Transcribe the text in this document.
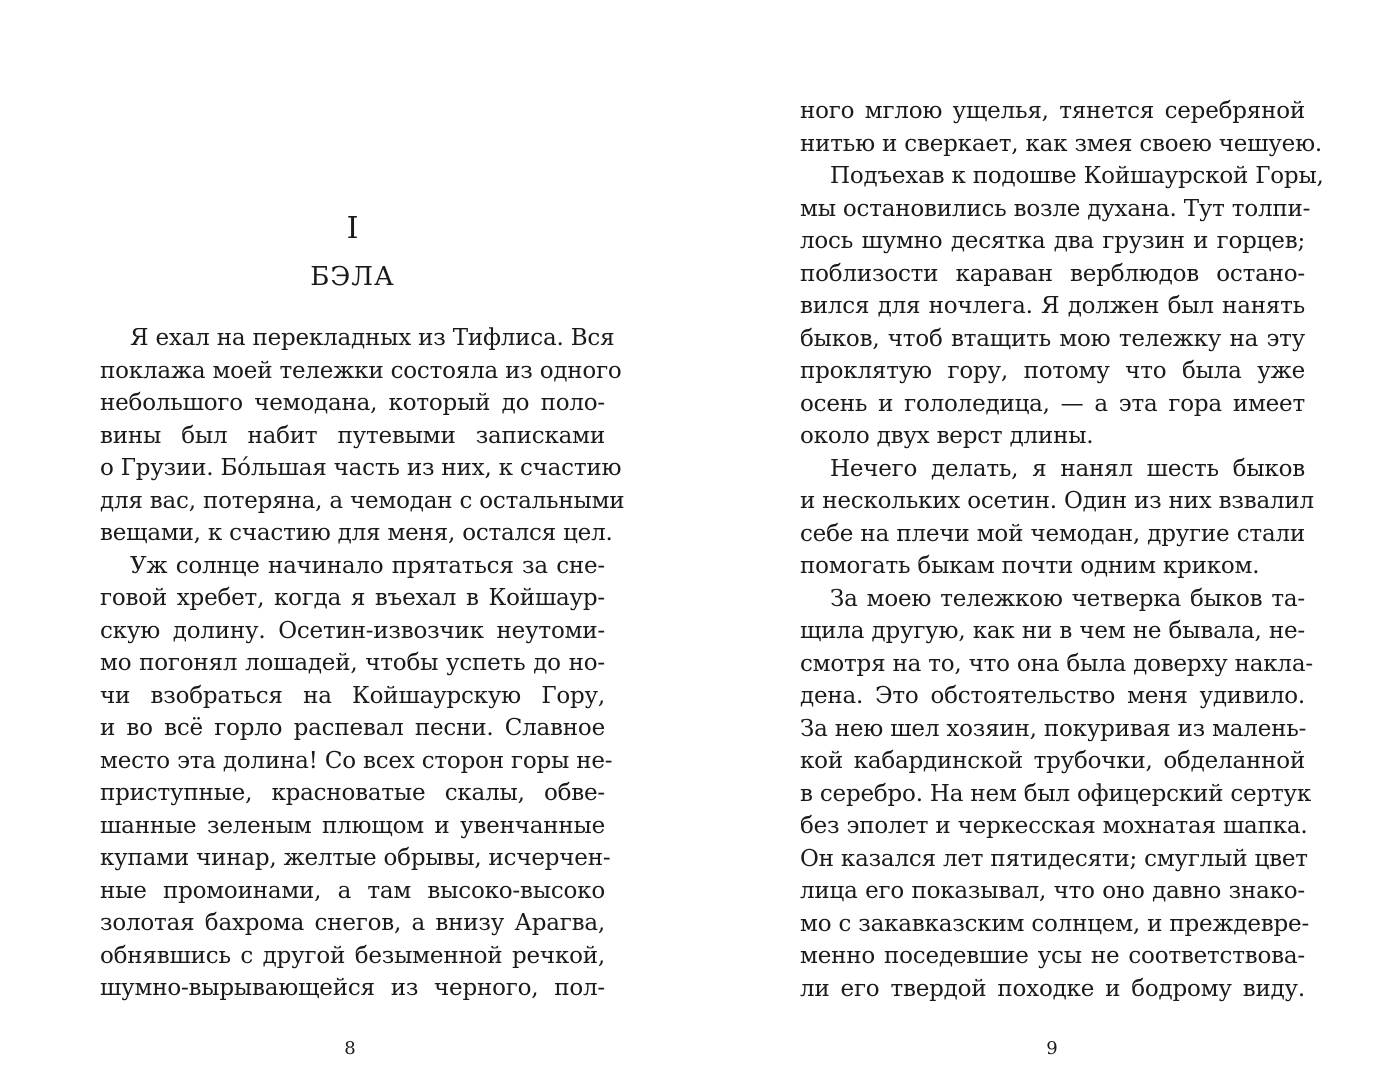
I
БЭЛА
Я ехал на перекладных из Тифлиса. Вся
поклажа моей тележки состояла из одного
небольшого чемодана, который до поло-
вины был набит путевыми записками
о Грузии. Бо́льшая часть из них, к счастию
для вас, потеряна, а чемодан с остальными
вещами, к счастию для меня, остался цел.
Уж солнце начинало прятаться за сне-
говой хребет, когда я въехал в Койшаур-
скую долину. Осетин-извозчик неутоми-
мо погонял лошадей, чтобы успеть до но-
чи взобраться на Койшаурскую Гору,
и во всё горло распевал песни. Славное
место эта долина! Со всех сторон горы не-
приступные, красноватые скалы, обве-
шанные зеленым плющом и увенчанные
купами чинар, желтые обрывы, исчерчен-
ные промоинами, а там высоко-высоко
золотая бахрома снегов, а внизу Арагва,
обнявшись с другой безыменной речкой,
шумно-вырывающейся из черного, пол-
8
ного мглою ущелья, тянется серебряной
нитью и сверкает, как змея своею чешуею.
Подъехав к подошве Койшаурской Горы,
мы остановились возле духана. Тут толпи-
лось шумно десятка два грузин и горцев;
поблизости караван верблюдов остано-
вился для ночлега. Я должен был нанять
быков, чтоб втащить мою тележку на эту
проклятую гору, потому что была уже
осень и гололедица, — а эта гора имеет
около двух верст длины.
Нечего делать, я нанял шесть быков
и нескольких осетин. Один из них взвалил
себе на плечи мой чемодан, другие стали
помогать быкам почти одним криком.
За моею тележкою четверка быков та-
щила другую, как ни в чем не бывала, не-
смотря на то, что она была доверху накла-
дена. Это обстоятельство меня удивило.
За нею шел хозяин, покуривая из малень-
кой кабардинской трубочки, обделанной
в серебро. На нем был офицерский сертук
без эполет и черкесская мохнатая шапка.
Он казался лет пятидесяти; смуглый цвет
лица его показывал, что оно давно знако-
мо с закавказским солнцем, и преждевре-
менно поседевшие усы не соответствова-
ли его твердой походке и бодрому виду.
9
